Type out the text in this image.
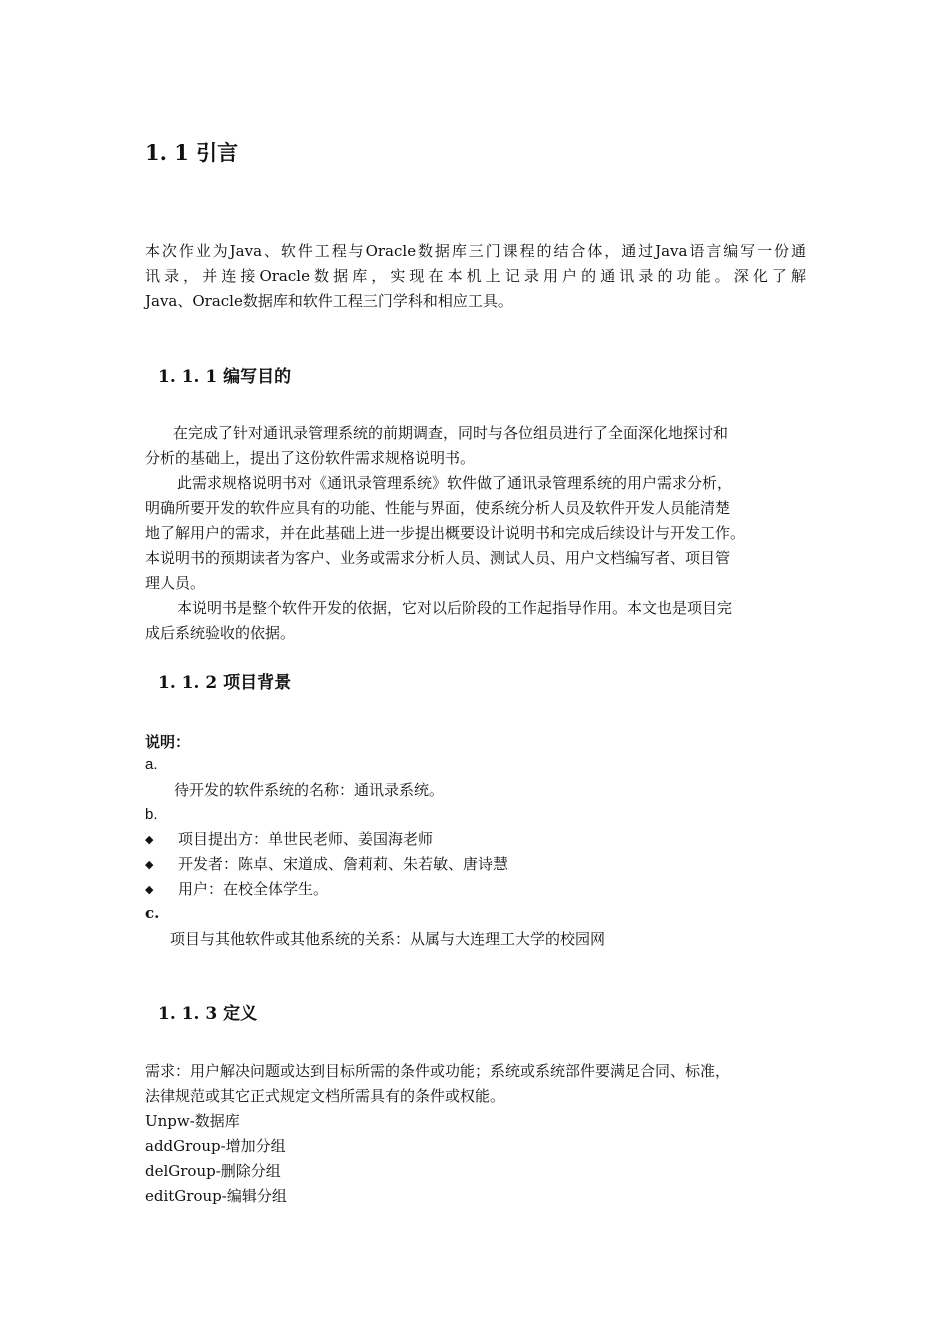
1. 1 引言
本次作业为Java、软件工程与Oracle数据库三门课程的结合体，通过Java语言编写一份通
讯录，并连接Oracle数据库，实现在本机上记录用户的通讯录的功能。深化了解
Java、Oracle数据库和软件工程三门学科和相应工具。
1. 1. 1 编写目的
在完成了针对通讯录管理系统的前期调查，同时与各位组员进行了全面深化地探讨和
分析的基础上，提出了这份软件需求规格说明书。
此需求规格说明书对《通讯录管理系统》软件做了通讯录管理系统的用户需求分析，
明确所要开发的软件应具有的功能、性能与界面，使系统分析人员及软件开发人员能清楚
地了解用户的需求，并在此基础上进一步提出概要设计说明书和完成后续设计与开发工作。
本说明书的预期读者为客户、业务或需求分析人员、测试人员、用户文档编写者、项目管
理人员。
本说明书是整个软件开发的依据，它对以后阶段的工作起指导作用。本文也是项目完
成后系统验收的依据。
1. 1. 2 项目背景
说明：
a.
待开发的软件系统的名称：通讯录系统。
b.
◆ 项目提出方：单世民老师、姜国海老师
◆ 开发者：陈卓、宋道成、詹莉莉、朱若敏、唐诗慧
◆ 用户：在校全体学生。
c.
项目与其他软件或其他系统的关系：从属与大连理工大学的校园网
1. 1. 3 定义
需求：用户解决问题或达到目标所需的条件或功能；系统或系统部件要满足合同、标准，
法律规范或其它正式规定文档所需具有的条件或权能。
Unpw-数据库
addGroup-增加分组
delGroup-删除分组
editGroup-编辑分组
